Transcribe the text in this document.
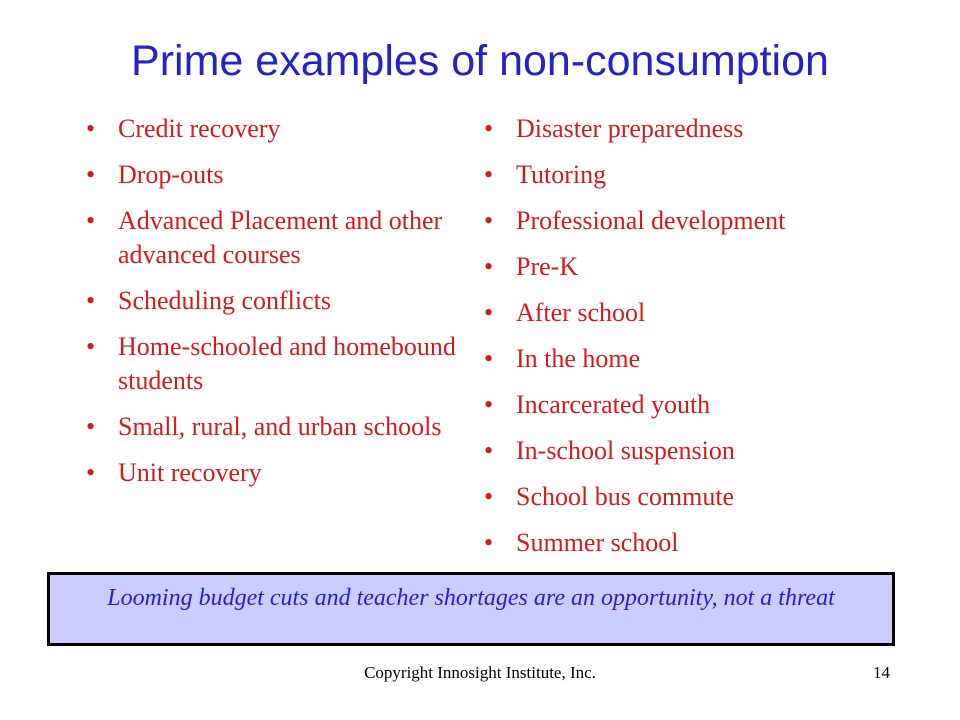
Prime examples of non-consumption
• Credit recovery
• Drop-outs
• Advanced Placement and other advanced courses
• Scheduling conflicts
• Home-schooled and homebound students
• Small, rural, and urban schools
• Unit recovery
• Disaster preparedness
• Tutoring
• Professional development
• Pre-K
• After school
• In the home
• Incarcerated youth
• In-school suspension
• School bus commute
• Summer school
Looming budget cuts and teacher shortages are an opportunity, not a threat
Copyright Innosight Institute, Inc.	14
